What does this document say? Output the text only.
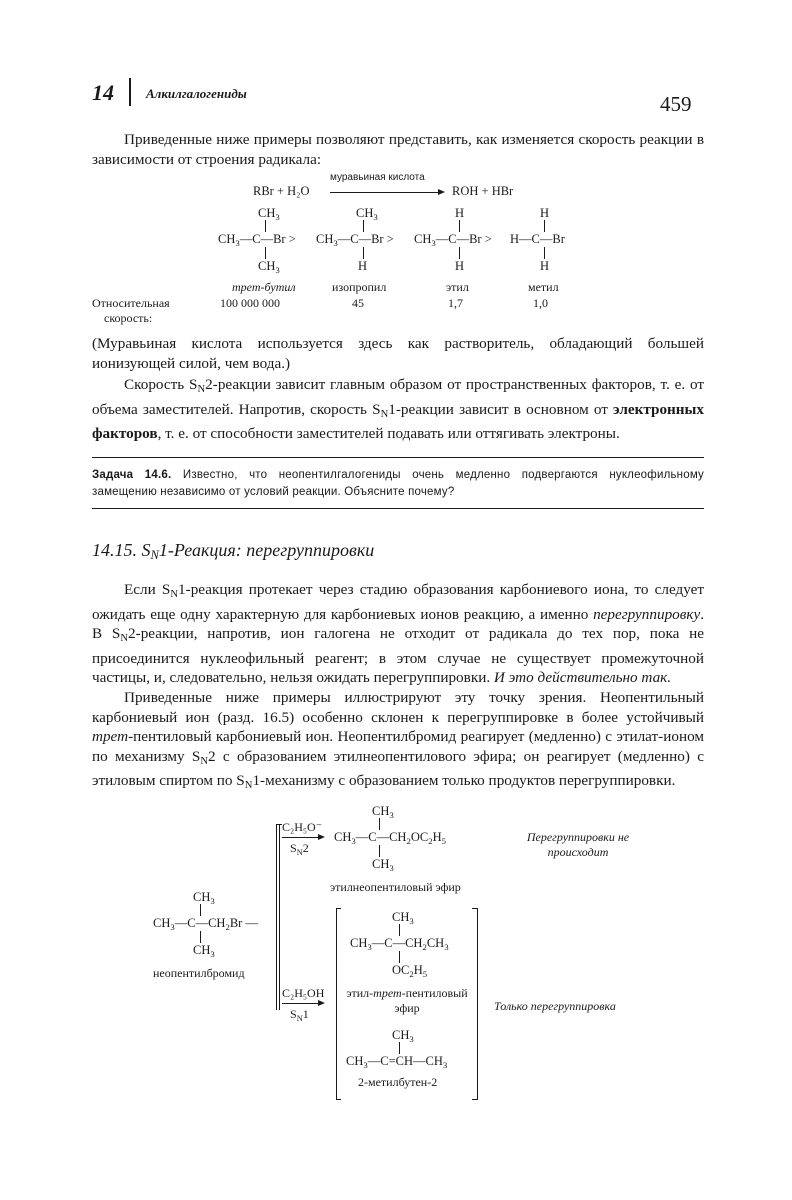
14 Алкилгалогениды	459
Приведенные ниже примеры позволяют представить, как изменяется скорость реакции в зависимости от строения радикала:
RBr + H₂O
муравьиная кислота
ROH + HBr
$CH_3$
$CH_3—C—Br$ >
$CH_3$
$CH_3$
$CH_3—C—Br$ >
H
H
$CH_3—C—Br$ >
H
H
H—C—Br
H
трет-бутил	изопропил	этил	метил
Относительная
скорость:
100 000 000	45	1,7	1,0
(Муравьиная кислота используется здесь как растворитель, обладающий большей ионизующей силой, чем вода.)
Скорость $S_N2$-реакции зависит главным образом от пространственных факторов, т. е. от объема заместителей. Напротив, скорость $S_N1$-реакции зависит в основном от электронных факторов, т. е. от способности заместителей подавать или оттягивать электроны.
Задача 14.6. Известно, что неопентилгалогениды очень медленно подвергаются нуклеофильному замещению независимо от условий реакции. Объясните почему?
14.15. $S_N1$-Реакция: перегруппировки
Если $S_N1$-реакция протекает через стадию образования карбониевого иона, то следует ожидать еще одну характерную для карбониевых ионов реакцию, а именно перегруппировку. В $S_N2$-реакции, напротив, ион галогена не отходит от радикала до тех пор, пока не присоединится нуклеофильный реагент; в этом случае не существует промежуточной частицы, и, следовательно, нельзя ожидать перегруппировки. И это действительно так.
Приведенные ниже примеры иллюстрируют эту точку зрения. Неопентильный карбониевый ион (разд. 16.5) особенно склонен к перегруппировке в более устойчивый трет-пентиловый карбониевый ион. Неопентилбромид реагирует (медленно) с этилат-ионом по механизму $S_N2$ с образованием этилнеопентилового эфира; он реагирует (медленно) с этиловым спиртом по $S_N1$-механизму с образованием только продуктов перегруппировки.
$CH_3$
$CH_3—C—CH_2Br$ —
$CH_3$
неопентилбромид
C₂H₅O⁻
$S_N2$
$CH_3$
$CH_3—C—CH_2OC_2H_5$
$CH_3$
этилнеопентиловый эфир
Перегруппировки не происходит
C₂H₅OH
$S_N1$
$CH_3$
$CH_3—C—CH_2CH_3$
$OC_2H_5$
этил-трет-пентиловый эфир
$CH_3$
$CH_3—C=CH—CH_3$
2-метилбутен-2
Только перегруппировка
